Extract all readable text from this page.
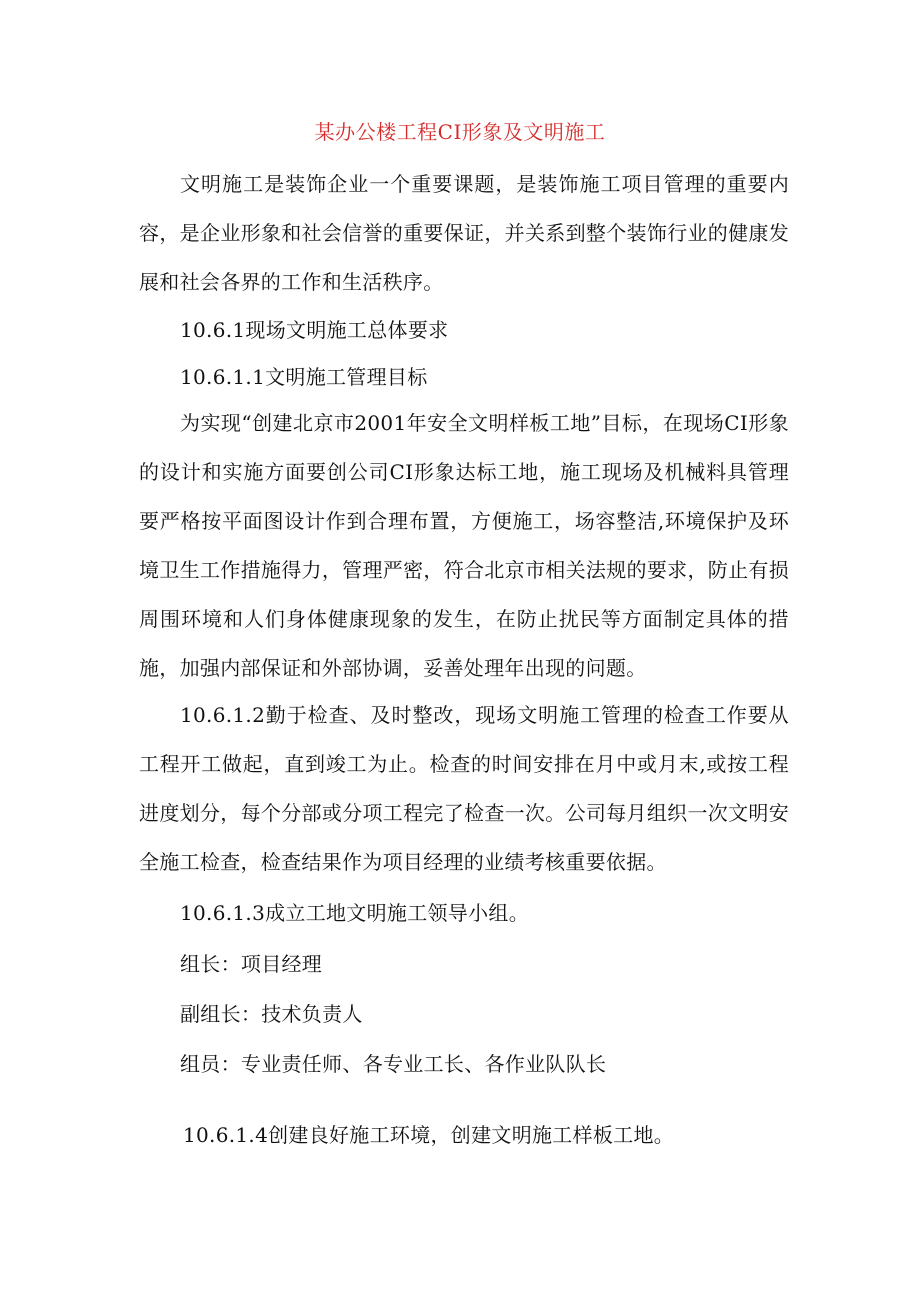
某办公楼工程CI形象及文明施工

文明施工是装饰企业一个重要课题，是装饰施工项目管理的重要内容，是企业形象和社会信誉的重要保证，并关系到整个装饰行业的健康发展和社会各界的工作和生活秩序。

10.6.1现场文明施工总体要求

10.6.1.1文明施工管理目标

为实现“创建北京市2001年安全文明样板工地”目标，在现场CI形象的设计和实施方面要创公司CI形象达标工地，施工现场及机械料具管理要严格按平面图设计作到合理布置，方便施工，场容整洁,环境保护及环境卫生工作措施得力，管理严密，符合北京市相关法规的要求，防止有损周围环境和人们身体健康现象的发生，在防止扰民等方面制定具体的措施，加强内部保证和外部协调，妥善处理年出现的问题。

10.6.1.2勤于检查、及时整改，现场文明施工管理的检查工作要从工程开工做起，直到竣工为止。检查的时间安排在月中或月末,或按工程进度划分，每个分部或分项工程完了检查一次。公司每月组织一次文明安全施工检查，检查结果作为项目经理的业绩考核重要依据。

10.6.1.3成立工地文明施工领导小组。

组长：项目经理

副组长：技术负责人

组员：专业责任师、各专业工长、各作业队队长

10.6.1.4创建良好施工环境，创建文明施工样板工地。
